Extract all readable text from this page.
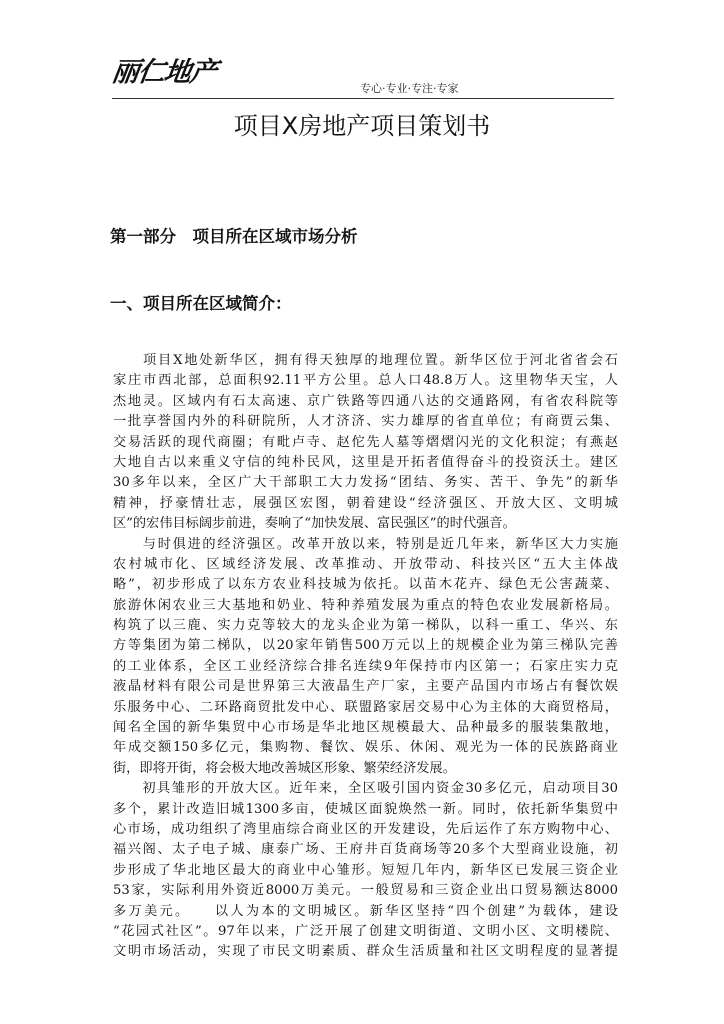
丽仁地产
专心·专业·专注·专家
项目X房地产项目策划书
第一部分　项目所在区域市场分析
一、项目所在区域简介：
　　项目X地处新华区，拥有得天独厚的地理位置。新华区位于河北省省会石
家庄市西北部，总面积92.11平方公里。总人口48.8万人。这里物华天宝，人
杰地灵。区域内有石太高速、京广铁路等四通八达的交通路网，有省农科院等
一批享誉国内外的科研院所，人才济济、实力雄厚的省直单位；有商贾云集、
交易活跃的现代商圈；有毗卢寺、赵佗先人墓等熠熠闪光的文化积淀；有燕赵
大地自古以来重义守信的纯朴民风，这里是开拓者值得奋斗的投资沃土。建区
30多年以来，全区广大干部职工大力发扬“团结、务实、苦干、争先”的新华
精神，抒豪情壮志，展强区宏图，朝着建设“经济强区、开放大区、文明城
区”的宏伟目标阔步前进，奏响了“加快发展、富民强区”的时代强音。
　　与时俱进的经济强区。改革开放以来，特别是近几年来，新华区大力实施
农村城市化、区域经济发展、改革推动、开放带动、科技兴区“五大主体战
略”，初步形成了以东方农业科技城为依托。以苗木花卉、绿色无公害蔬菜、
旅游休闲农业三大基地和奶业、特种养殖发展为重点的特色农业发展新格局。
构筑了以三鹿、实力克等较大的龙头企业为第一梯队，以科一重工、华兴、东
方等集团为第二梯队，以20家年销售500万元以上的规模企业为第三梯队完善
的工业体系，全区工业经济综合排名连续9年保持市内区第一；石家庄实力克
液晶材料有限公司是世界第三大液晶生产厂家，主要产品国内市场占有餐饮娱
乐服务中心、二环路商贸批发中心、联盟路家居交易中心为主体的大商贸格局，
闻名全国的新华集贸中心市场是华北地区规模最大、品种最多的服装集散地，
年成交额150多亿元，集购物、餐饮、娱乐、休闲、观光为一体的民族路商业
街，即将开街，将会极大地改善城区形象、繁荣经济发展。
　　初具雏形的开放大区。近年来，全区吸引国内资金30多亿元，启动项目30
多个，累计改造旧城1300多亩，使城区面貌焕然一新。同时，依托新华集贸中
心市场，成功组织了湾里庙综合商业区的开发建设，先后运作了东方购物中心、
福兴阁、太子电子城、康泰广场、王府井百货商场等20多个大型商业设施，初
步形成了华北地区最大的商业中心雏形。短短几年内，新华区已发展三资企业
53家，实际利用外资近8000万美元。一般贸易和三资企业出口贸易额达8000
多万美元。　　以人为本的文明城区。新华区坚持“四个创建”为载体，建设
“花园式社区”。97年以来，广泛开展了创建文明街道、文明小区、文明楼院、
文明市场活动，实现了市民文明素质、群众生活质量和社区文明程度的显著提
